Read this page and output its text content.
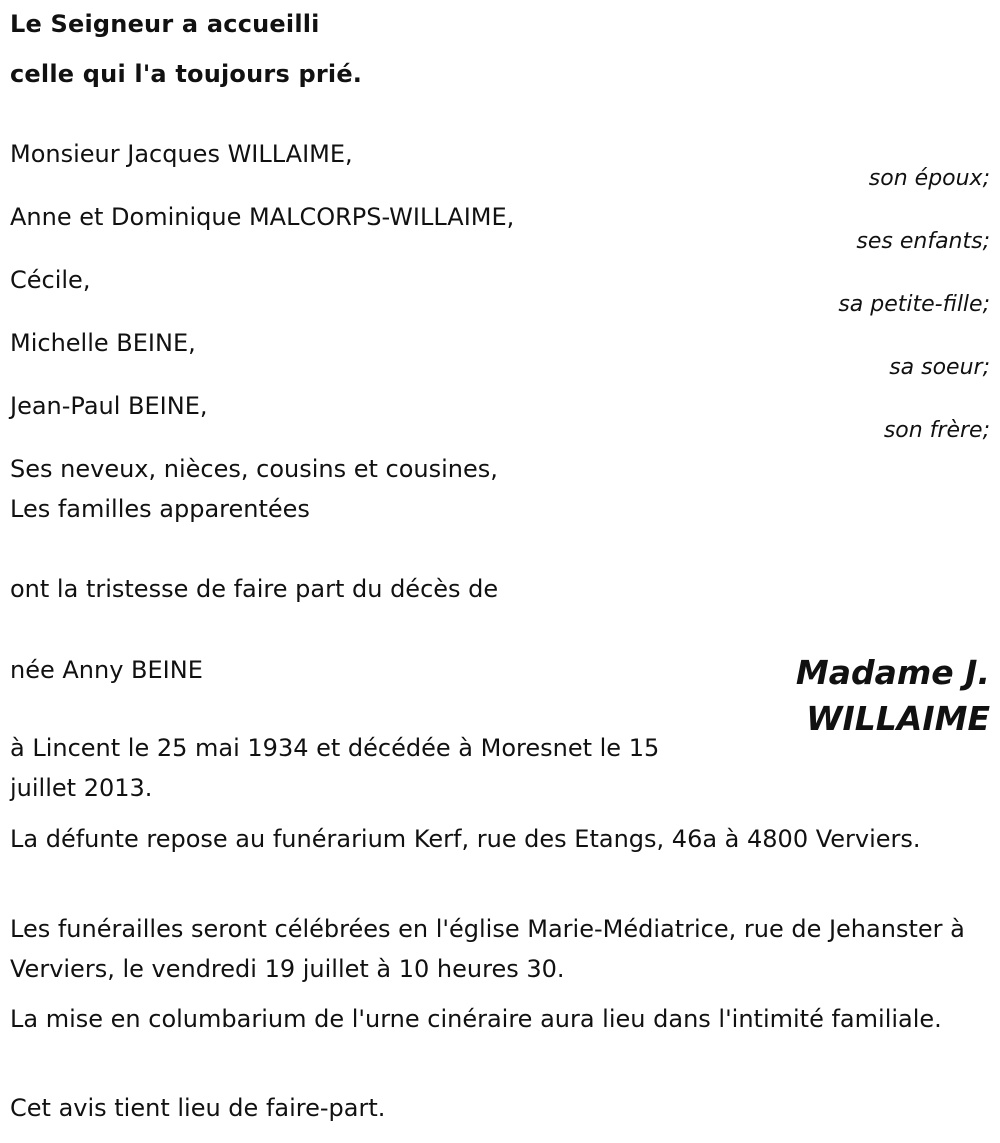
Le Seigneur a accueilli
celle qui l'a toujours prié.
Monsieur Jacques WILLAIME,
son époux;
Anne et Dominique MALCORPS-WILLAIME,
ses enfants;
Cécile,
sa petite-fille;
Michelle BEINE,
sa soeur;
Jean-Paul BEINE,
son frère;
Ses neveux, nièces, cousins et cousines,
Les familles apparentées
ont la tristesse de faire part du décès de
née Anny BEINE	Madame J.
WILLAIME
à Lincent le 25 mai 1934 et décédée à Moresnet le 15
juillet 2013.
La défunte repose au funérarium Kerf, rue des Etangs, 46a à 4800 Verviers.
Les funérailles seront célébrées en l'église Marie-Médiatrice, rue de Jehanster à Verviers, le vendredi 19 juillet à 10 heures 30.
La mise en columbarium de l'urne cinéraire aura lieu dans l'intimité familiale.
Cet avis tient lieu de faire-part.
